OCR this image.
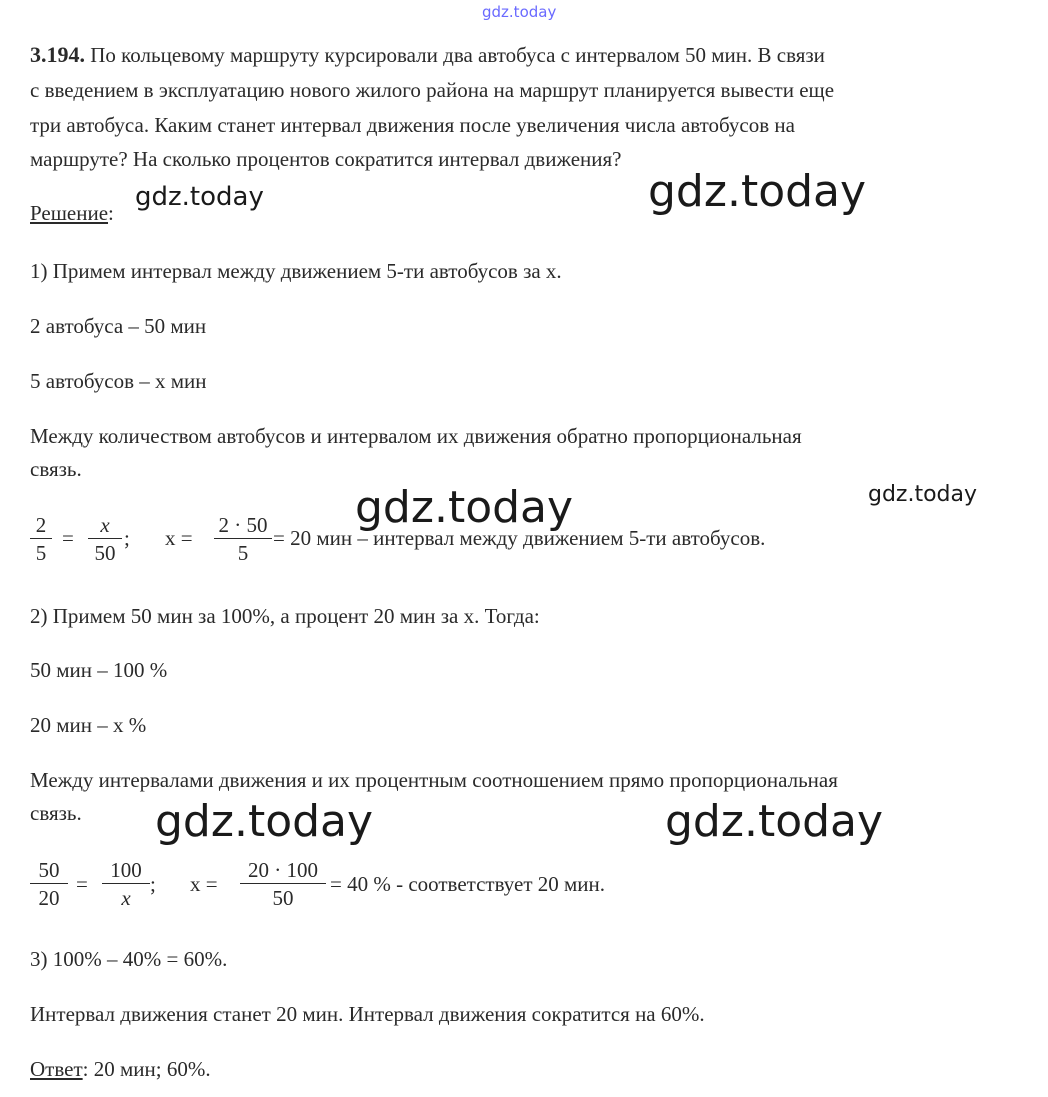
gdz.today
gdz.today	gdz.today
gdz.today	gdz.today
gdz.today	gdz.today
3.194. По кольцевому маршруту курсировали два автобуса с интервалом 50 мин. В связи
с введением в эксплуатацию нового жилого района на маршрут планируется вывести еще
три автобуса. Каким станет интервал движения после увеличения числа автобусов на
маршруте? На сколько процентов сократится интервал движения?
Решение:
1) Примем интервал между движением 5-ти автобусов за х.
2 автобуса – 50 мин
5 автобусов – х мин
Между количеством автобусов и интервалом их движения обратно пропорциональная
связь.
$\frac{2}{5} = \frac{x}{50}$ ; $x = \frac{2 \cdot 50}{5} = 20$ мин – интервал между движением 5-ти автобусов.
2) Примем 50 мин за 100%, а процент 20 мин за х. Тогда:
50 мин – 100 %
20 мин – х %
Между интервалами движения и их процентным соотношением прямо пропорциональная
связь.
$\frac{50}{20} = \frac{100}{x}$ ; $x = \frac{20 \cdot 100}{50} = 40$ % - соответствует 20 мин.
3) 100% – 40% = 60%.
Интервал движения станет 20 мин. Интервал движения сократится на 60%.
Ответ: 20 мин; 60%.
